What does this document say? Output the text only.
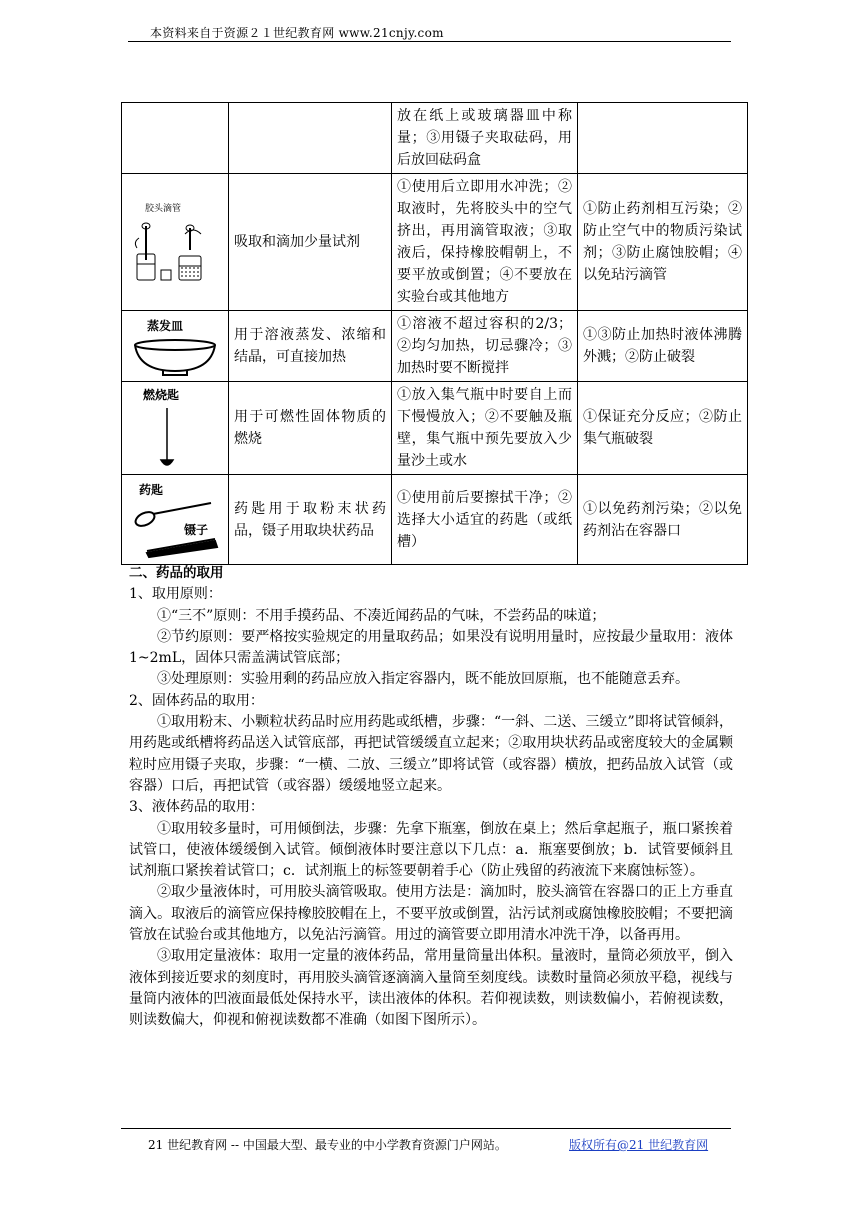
本资料来自于资源２１世纪教育网 www.21cnjy.com
		放在纸上或玻璃器皿中称量；③用镊子夹取砝码，用后放回砝码盒	

胶头滴管	吸取和滴加少量试剂	①使用后立即用水冲洗；②取液时，先将胶头中的空气挤出，再用滴管取液；③取液后，保持橡胶帽朝上，不要平放或倒置；④不要放在实验台或其他地方	①防止药剂相互污染；②防止空气中的物质污染试剂；③防止腐蚀胶帽；④以免玷污滴管

蒸发皿	用于溶液蒸发、浓缩和结晶，可直接加热	①溶液不超过容积的2/3；②均匀加热，切忌骤冷；③加热时要不断搅拌	①③防止加热时液体沸腾外溅；②防止破裂

燃烧匙	用于可燃性固体物质的燃烧	①放入集气瓶中时要自上而下慢慢放入；②不要触及瓶壁，集气瓶中预先要放入少量沙土或水	①保证充分反应；②防止集气瓶破裂

药匙
镊子	药匙用于取粉末状药品，镊子用取块状药品	①使用前后要擦拭干净；②选择大小适宜的药匙（或纸槽）	①以免药剂污染；②以免药剂沾在容器口

二、药品的取用

1、取用原则：

①“三不”原则：不用手摸药品、不凑近闻药品的气味，不尝药品的味道；

②节约原则：要严格按实验规定的用量取药品；如果没有说明用量时，应按最少量取用：液体 1~2mL，固体只需盖满试管底部；

③处理原则：实验用剩的药品应放入指定容器内，既不能放回原瓶，也不能随意丢弃。

2、固体药品的取用：

①取用粉末、小颗粒状药品时应用药匙或纸槽，步骤：“一斜、二送、三缓立”即将试管倾斜，用药匙或纸槽将药品送入试管底部，再把试管缓缓直立起来；②取用块状药品或密度较大的金属颗粒时应用镊子夹取，步骤：“一横、二放、三缓立”即将试管（或容器）横放，把药品放入试管（或容器）口后，再把试管（或容器）缓缓地竖立起来。

3、液体药品的取用：

①取用较多量时，可用倾倒法，步骤：先拿下瓶塞，倒放在桌上；然后拿起瓶子，瓶口紧挨着试管口，使液体缓缓倒入试管。倾倒液体时要注意以下几点：a．瓶塞要倒放；b．试管要倾斜且试剂瓶口紧挨着试管口；c．试剂瓶上的标签要朝着手心（防止残留的药液流下来腐蚀标签）。

②取少量液体时，可用胶头滴管吸取。使用方法是：滴加时，胶头滴管在容器口的正上方垂直滴入。取液后的滴管应保持橡胶胶帽在上，不要平放或倒置，沾污试剂或腐蚀橡胶胶帽；不要把滴管放在试验台或其他地方，以免沾污滴管。用过的滴管要立即用清水冲洗干净，以备再用。

③取用定量液体：取用一定量的液体药品，常用量筒量出体积。量液时，量筒必须放平，倒入液体到接近要求的刻度时，再用胶头滴管逐滴滴入量筒至刻度线。读数时量筒必须放平稳，视线与量筒内液体的凹液面最低处保持水平，读出液体的体积。若仰视读数，则读数偏小，若俯视读数，则读数偏大，仰视和俯视读数都不准确（如图下图所示）。

21 世纪教育网 -- 中国最大型、最专业的中小学教育资源门户网站。	版权所有@21 世纪教育网
